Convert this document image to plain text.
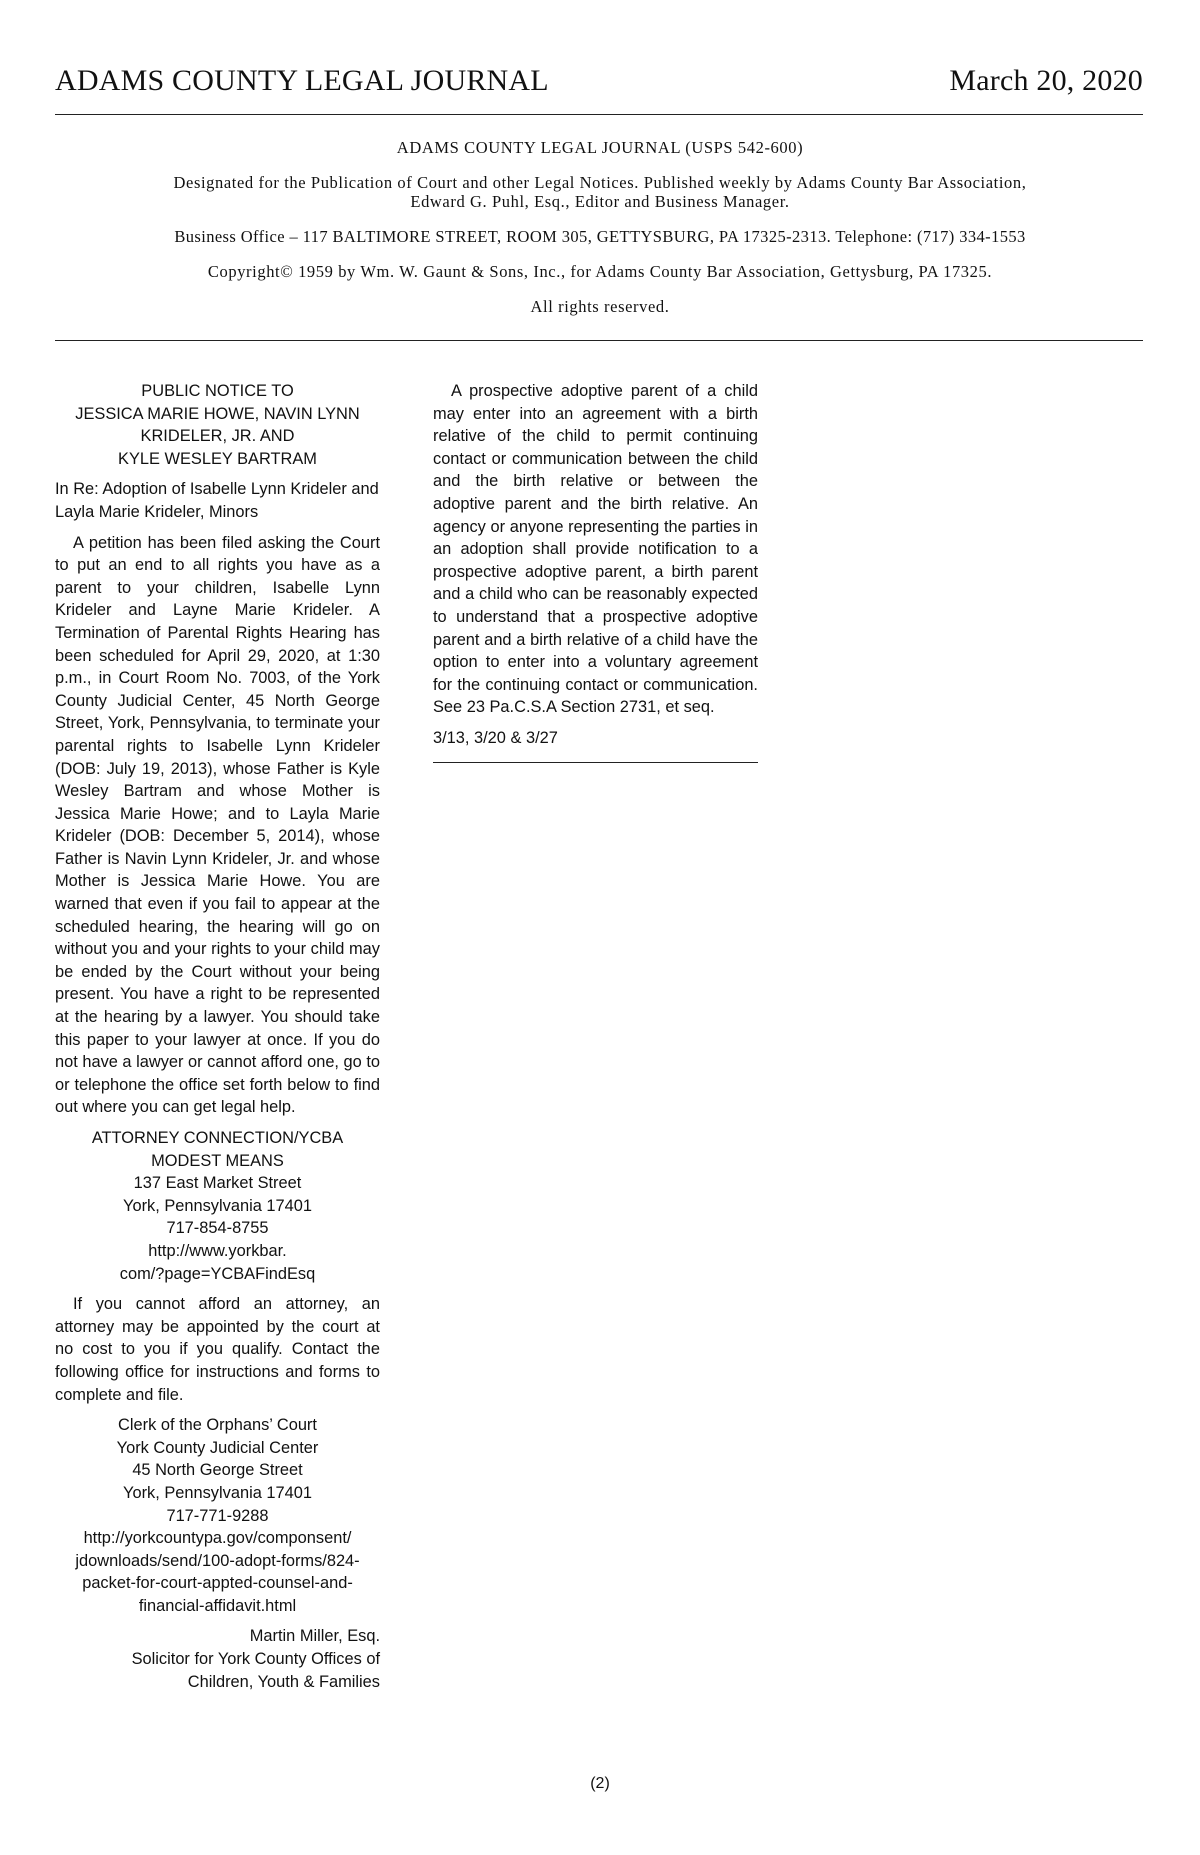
ADAMS COUNTY LEGAL JOURNAL	March 20, 2020

ADAMS COUNTY LEGAL JOURNAL (USPS 542-600)

Designated for the Publication of Court and other Legal Notices. Published weekly by Adams County Bar Association,
Edward G. Puhl, Esq., Editor and Business Manager.

Business Office – 117 BALTIMORE STREET, ROOM 305, GETTYSBURG, PA 17325-2313. Telephone: (717) 334-1553

Copyright© 1959 by Wm. W. Gaunt & Sons, Inc., for Adams County Bar Association, Gettysburg, PA 17325.

All rights reserved.

PUBLIC NOTICE TO

JESSICA MARIE HOWE, NAVIN LYNN

KRIDELER, JR. AND

KYLE WESLEY BARTRAM

In Re: Adoption of Isabelle Lynn Krideler and Layla Marie Krideler, Minors

A petition has been filed asking the Court to put an end to all rights you have as a parent to your children, Isabelle Lynn Krideler and Layne Marie Krideler. A Termination of Parental Rights Hearing has been scheduled for April 29, 2020, at 1:30 p.m., in Court Room No. 7003, of the York County Judicial Center, 45 North George Street, York, Pennsylvania, to terminate your parental rights to Isabelle Lynn Krideler (DOB: July 19, 2013), whose Father is Kyle Wesley Bartram and whose Mother is Jessica Marie Howe; and to Layla Marie Krideler (DOB: December 5, 2014), whose Father is Navin Lynn Krideler, Jr. and whose Mother is Jessica Marie Howe. You are warned that even if you fail to appear at the scheduled hearing, the hearing will go on without you and your rights to your child may be ended by the Court without your being present. You have a right to be represented at the hearing by a lawyer. You should take this paper to your lawyer at once. If you do not have a lawyer or cannot afford one, go to or telephone the office set forth below to find out where you can get legal help.

ATTORNEY CONNECTION/YCBA

MODEST MEANS

137 East Market Street

York, Pennsylvania 17401

717-854-8755

http://www.yorkbar.

com/?page=YCBAFindEsq

If you cannot afford an attorney, an attorney may be appointed by the court at no cost to you if you qualify. Contact the following office for instructions and forms to complete and file.

Clerk of the Orphans’ Court

York County Judicial Center

45 North George Street

York, Pennsylvania 17401

717-771-9288

http://yorkcountypa.gov/componsent/

jdownloads/send/100-adopt-forms/824-

packet-for-court-appted-counsel-and-

financial-affidavit.html

Martin Miller, Esq.

Solicitor for York County Offices of

Children, Youth & Families

A prospective adoptive parent of a child may enter into an agreement with a birth relative of the child to permit continuing contact or communication between the child and the birth relative or between the adoptive parent and the birth relative. An agency or anyone representing the parties in an adoption shall provide notification to a prospective adoptive parent, a birth parent and a child who can be reasonably expected to understand that a prospective adoptive parent and a birth relative of a child have the option to enter into a voluntary agreement for the continuing contact or communication. See 23 Pa.C.S.A Section 2731, et seq.

3/13, 3/20 & 3/27

(2)
